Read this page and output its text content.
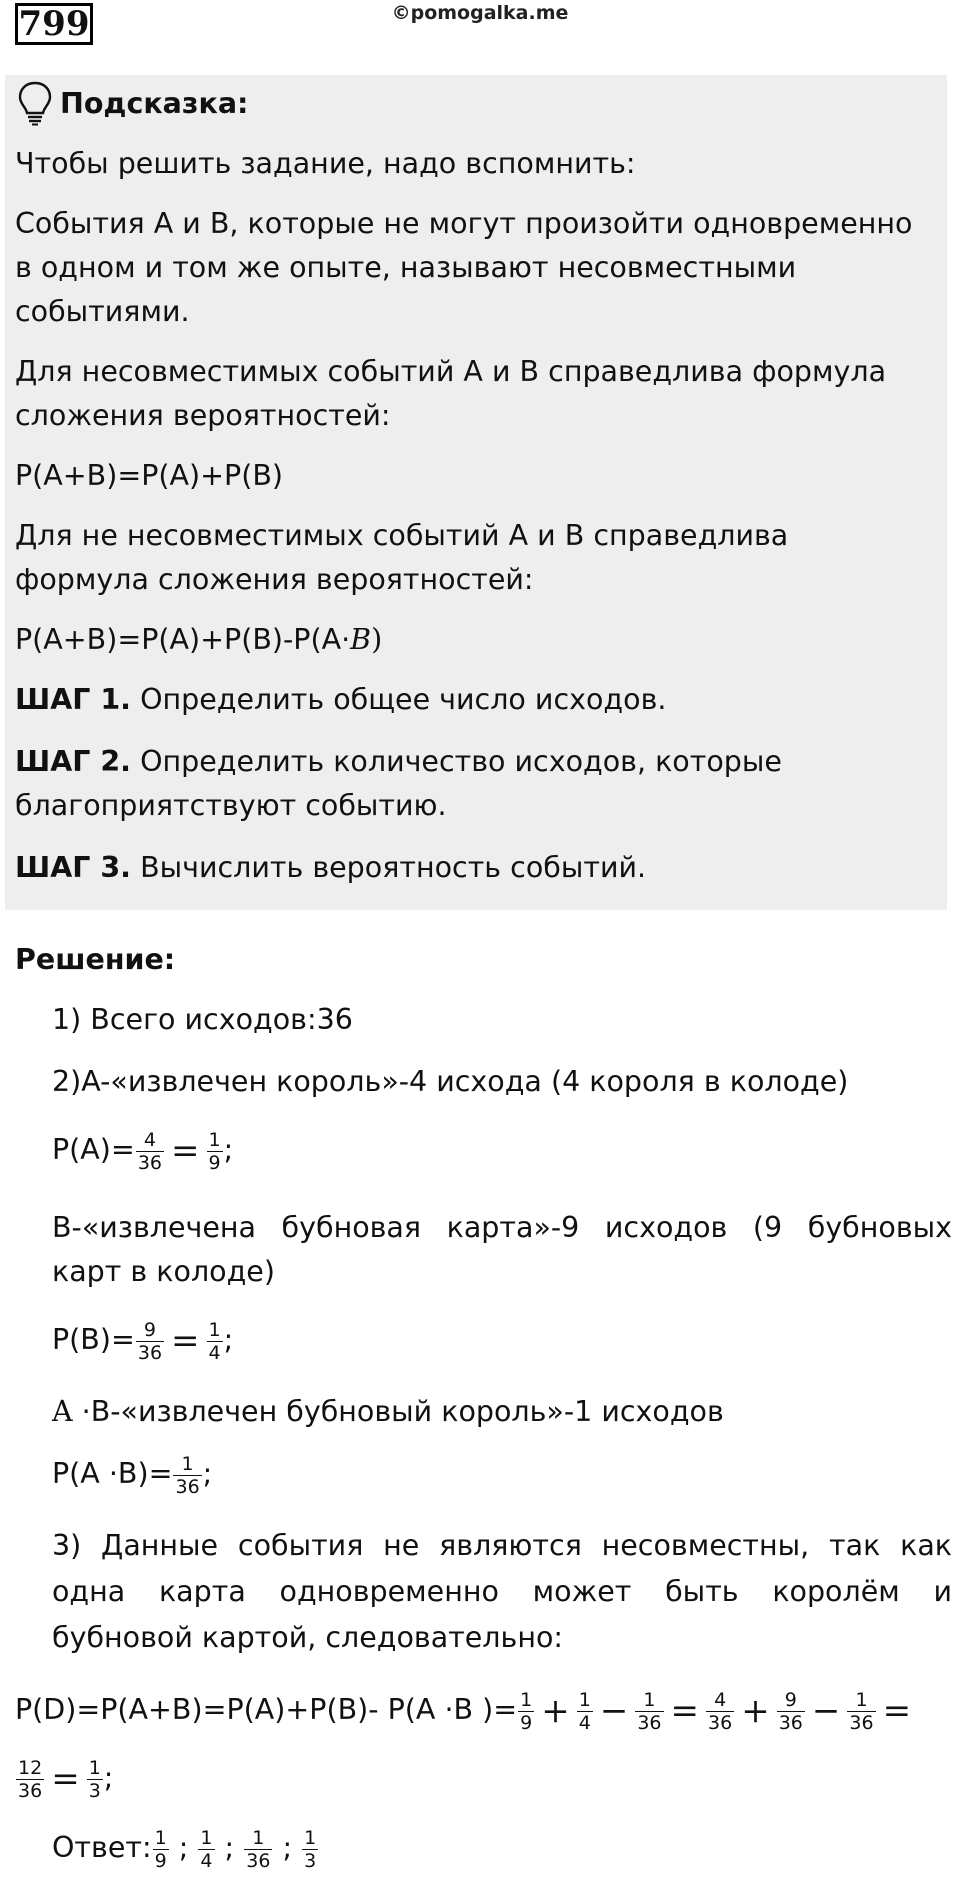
799	©pomogalka.me
Подсказка:
Чтобы решить задание, надо вспомнить:
События А и В, которые не могут произойти одновременно
в одном и том же опыте, называют несовместными
событиями.
Для несовместимых событий А и В справедлива формула
сложения вероятностей:
P(A+B)=P(A)+P(B)
Для не несовместимых событий А и В справедлива
формула сложения вероятностей:
P(A+B)=P(A)+P(B)-P(A·B)
ШАГ 1. Определить общее число исходов.
ШАГ 2. Определить количество исходов, которые
благоприятствуют событию.
ШАГ 3. Вычислить вероятность событий.
Решение:
1) Всего исходов:36
2)A-«извлечен король»-4 исхода (4 короля в колоде)
$P(A)= \frac{4}{36} = \frac{1}{9}$ ;
B-«извлечена бубновая карта»-9 исходов (9 бубновых
карт в колоде)
$P(B)= \frac{9}{36} = \frac{1}{4}$ ;
A ·B-«извлечен бубновый король»-1 исходов
$P(A \cdot B)= \frac{1}{36}$ ;
3) Данные события не являются несовместны, так как
одна карта одновременно может быть королём и
бубновой картой, следовательно:
P(D)=P(A+B)=P(A)+P(B)- P(A ·B )= $\frac{1}{9} + \frac{1}{4} - \frac{1}{36} = \frac{4}{36} + \frac{9}{36} - \frac{1}{36}$ =
$\frac{12}{36} = \frac{1}{3}$ ;
Ответ: $\frac{1}{9}$ ; $\frac{1}{4}$ ; $\frac{1}{36}$ ; $\frac{1}{3}$
